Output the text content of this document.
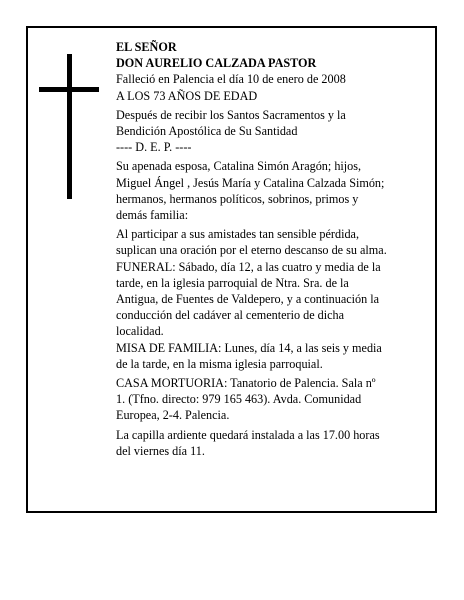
EL SEÑOR
DON AURELIO CALZADA PASTOR
Falleció en Palencia el día 10 de enero de 2008
A LOS 73 AÑOS DE EDAD
Después de recibir los Santos Sacramentos y la
Bendición Apostólica de Su Santidad
---- D. E. P. ----
Su apenada esposa, Catalina Simón Aragón; hijos,
Miguel Ángel , Jesús María y Catalina Calzada Simón;
hermanos, hermanos políticos, sobrinos, primos y
demás familia:
Al participar a sus amistades tan sensible pérdida,
suplican una oración por el eterno descanso de su alma.
FUNERAL: Sábado, día 12, a las cuatro y media de la
tarde, en la iglesia parroquial de Ntra. Sra. de la
Antigua, de Fuentes de Valdepero, y a continuación la
conducción del cadáver al cementerio de dicha
localidad.
MISA DE FAMILIA: Lunes, día 14, a las seis y media
de la tarde, en la misma iglesia parroquial.
CASA MORTUORIA: Tanatorio de Palencia. Sala nº
1. (Tfno. directo: 979 165 463). Avda. Comunidad
Europea, 2-4. Palencia.
La capilla ardiente quedará instalada a las 17.00 horas
del viernes día 11.
